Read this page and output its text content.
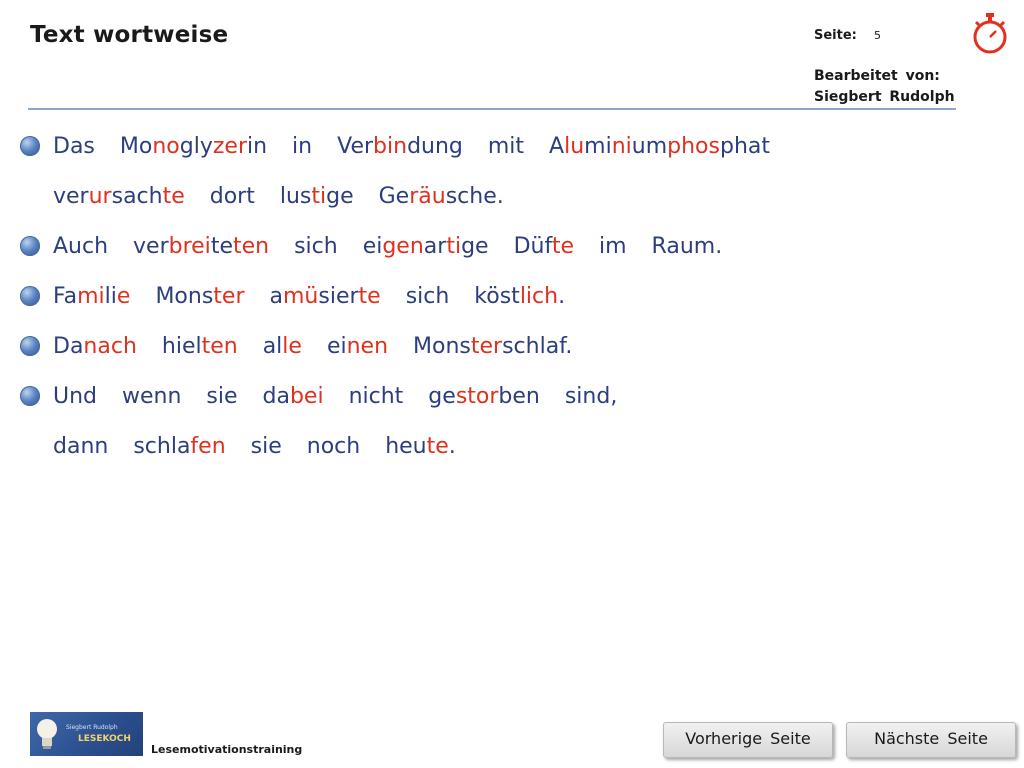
Text wortweise	Seite: 5
Bearbeitet von:
Siegbert Rudolph
Das Monoglyzerin in Verbindung mit Aluminiumphosphat
verursachte dort lustige Geräusche.
Auch verbreiteten sich eigenartige Düfte im Raum.
Familie Monster amüsierte sich köstlich.
Danach hielten alle einen Monsterschlaf.
Und wenn sie dabei nicht gestorben sind,
dann schlafen sie noch heute.
Siegbert Rudolph
LESEKOCH
Lesemotivationstraining
Vorherige Seite	Nächste Seite
